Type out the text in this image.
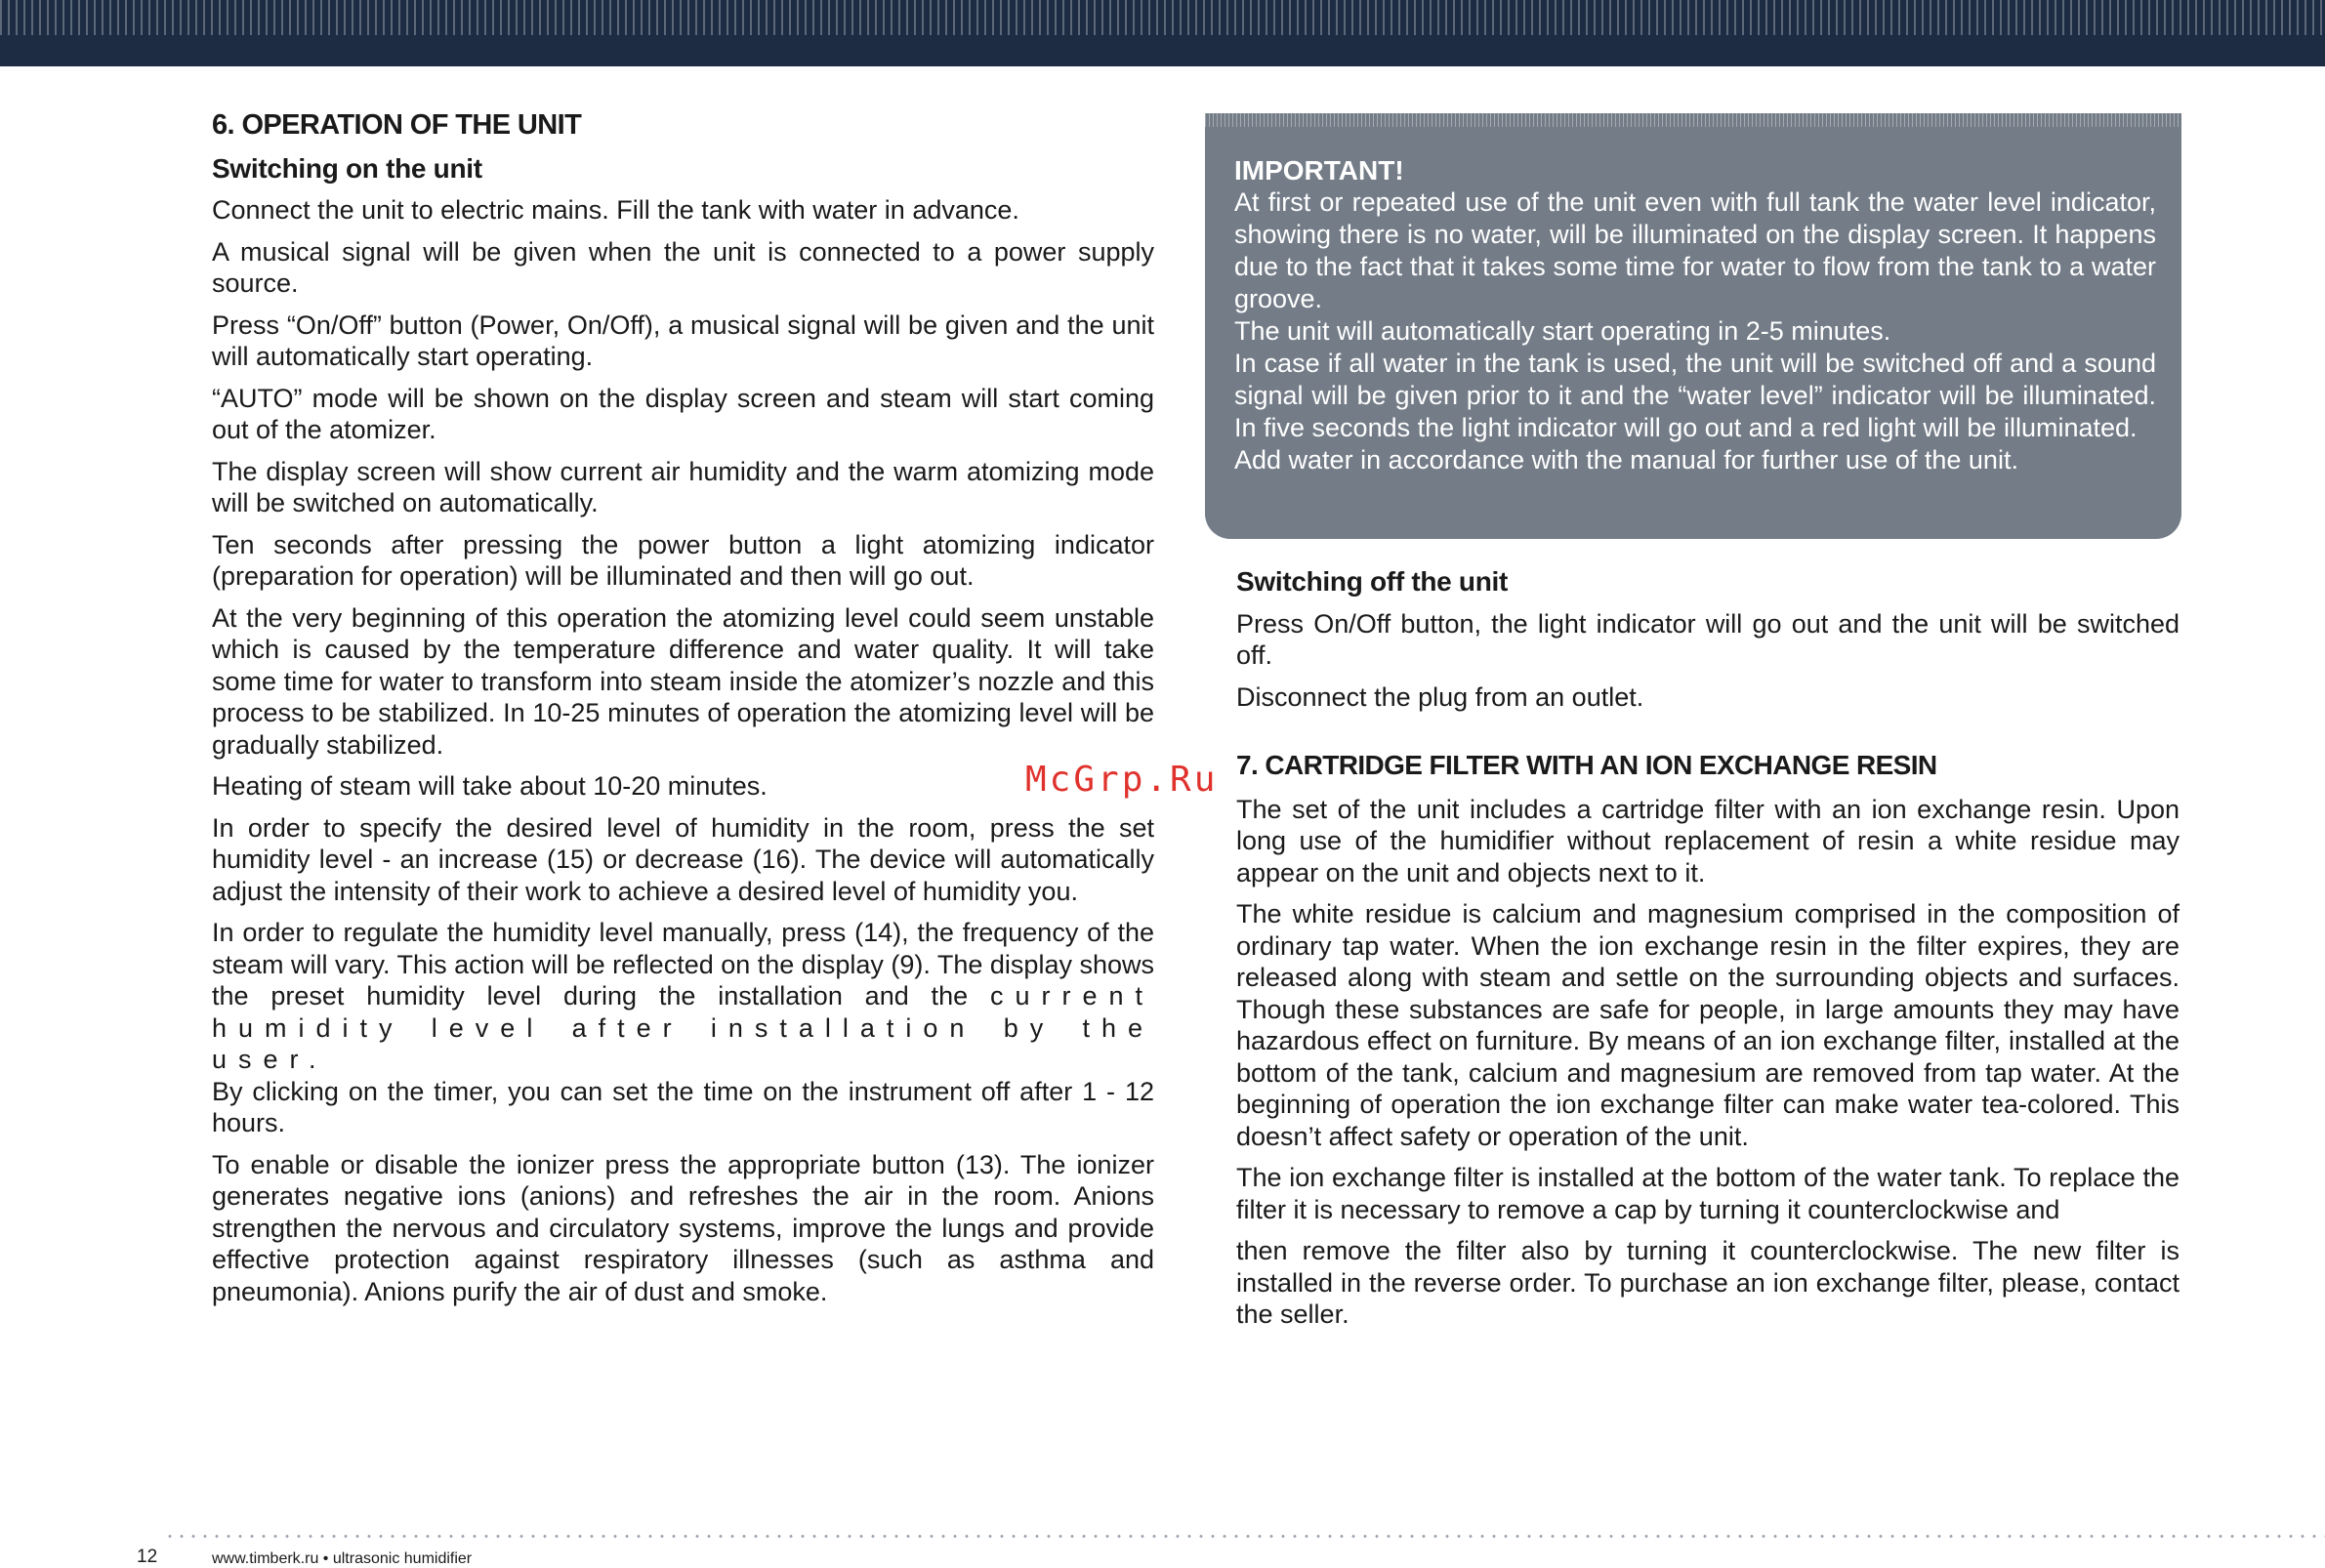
6. OPERATION OF THE UNIT
Switching on the unit

Connect the unit to electric mains. Fill the tank with water in advance.

A musical signal will be given when the unit is connected to a power supply source.

Press “On/Off” button (Power, On/Off), a musical signal will be given and the unit will automatically start operating.

“AUTO” mode will be shown on the display screen and steam will start coming out of the atomizer.

The display screen will show current air humidity and the warm atomizing mode will be switched on automatically.

Ten seconds after pressing the power button a light atomizing indicator (preparation for operation) will be illuminated and then will go out.

At the very beginning of this operation the atomizing level could seem unstable which is caused by the temperature difference and water quality. It will take some time for water to transform into steam inside the atomizer’s nozzle and this process to be stabilized. In 10-25 minutes of operation the atomizing level will be gradually stabilized.

Heating of steam will take about 10-20 minutes.

In order to specify the desired level of humidity in the room, press the set humidity level - an increase (15) or decrease (16). The device will automatically adjust the intensity of their work to achieve a desired level of humidity you.

In order to regulate the humidity level manually, press (14), the frequency of the steam will vary. This action will be reflected on the display (9). The display shows the preset humidity level during the installation and the current humidity level after installation by the user.
By clicking on the timer, you can set the time on the instrument off after 1 - 12 hours.

To enable or disable the ionizer press the appropriate button (13). The ionizer generates negative ions (anions) and refreshes the air in the room. Anions strengthen the nervous and circulatory systems, improve the lungs and provide effective protection against respiratory illnesses (such as asthma and pneumonia). Anions purify the air of dust and smoke.

IMPORTANT!

At first or repeated use of the unit even with full tank the water level indicator, showing there is no water, will be illuminated on the display screen. It happens due to the fact that it takes some time for water to flow from the tank to a water groove.

The unit will automatically start operating in 2-5 minutes.

In case if all water in the tank is used, the unit will be switched off and a sound signal will be given prior to it and the “water level” indicator will be illuminated. In five seconds the light indicator will go out and a red light will be illuminated.

Add water in accordance with the manual for further use of the unit.

Switching off the unit

Press On/Off button, the light indicator will go out and the unit will be switched off.

Disconnect the plug from an outlet.

7. CARTRIDGE FILTER WITH AN ION EXCHANGE RESIN

The set of the unit includes a cartridge filter with an ion exchange resin. Upon long use of the humidifier without replacement of resin a white residue may appear on the unit and objects next to it.

The white residue is calcium and magnesium comprised in the composition of ordinary tap water. When the ion exchange resin in the filter expires, they are released along with steam and settle on the surrounding objects and surfaces. Though these substances are safe for people, in large amounts they may have hazardous effect on furniture. By means of an ion exchange filter, installed at the bottom of the tank, calcium and magnesium are removed from tap water. At the beginning of operation the ion exchange filter can make water tea-colored. This doesn’t affect safety or operation of the unit.

The ion exchange filter is installed at the bottom of the water tank. To replace the filter it is necessary to remove a cap by turning it counterclockwise and

then remove the filter also by turning it counterclockwise. The new filter is installed in the reverse order. To purchase an ion exchange filter, please, contact the seller.

McGrp.Ru
12	www.timberk.ru • ultrasonic humidifier
